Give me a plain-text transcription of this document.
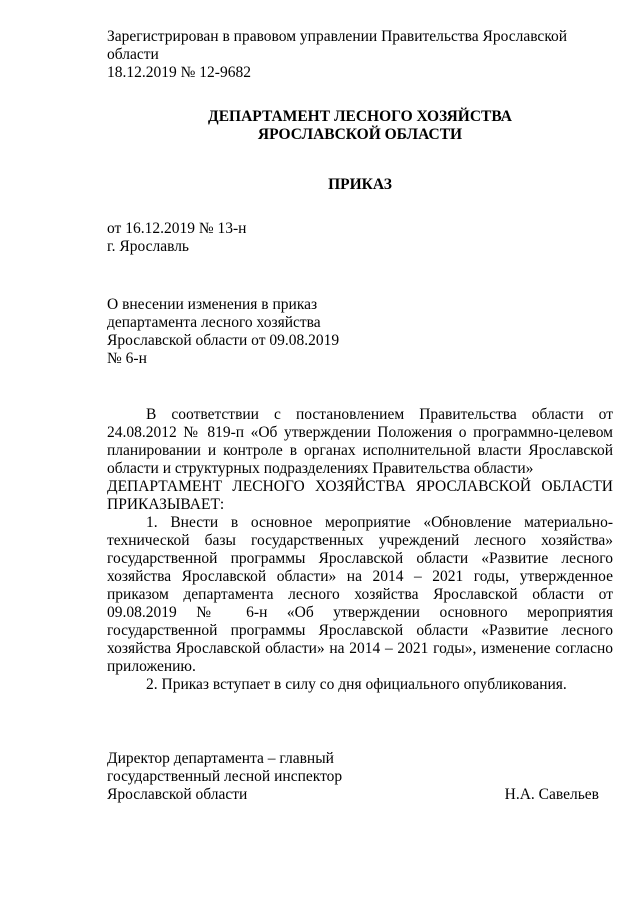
Зарегистрирован в правовом управлении Правительства Ярославской области

18.12.2019 № 12-9682

ДЕПАРТАМЕНТ ЛЕСНОГО ХОЗЯЙСТВА

ЯРОСЛАВСКОЙ ОБЛАСТИ

ПРИКАЗ

от 16.12.2019 № 13-н

г. Ярославль

О внесении изменения в приказ

департамента лесного хозяйства

Ярославской области от 09.08.2019

№ 6-н

В соответствии с постановлением Правительства области от 24.08.2012 № 819-п «Об утверждении Положения о программно-целевом планировании и контроле в органах исполнительной власти Ярославской области и структурных подразделениях Правительства области»

ДЕПАРТАМЕНТ ЛЕСНОГО ХОЗЯЙСТВА ЯРОСЛАВСКОЙ ОБЛАСТИ

ПРИКАЗЫВАЕТ:

1. Внести в основное мероприятие «Обновление материально-технической базы государственных учреждений лесного хозяйства» государственной программы Ярославской области «Развитие лесного хозяйства Ярославской области» на 2014 – 2021 годы, утвержденное приказом департамента лесного хозяйства Ярославской области от 09.08.2019 № 6-н «Об утверждении основного мероприятия государственной программы Ярославской области «Развитие лесного хозяйства Ярославской области» на 2014 – 2021 годы», изменение согласно приложению.

2. Приказ вступает в силу со дня официального опубликования.

Директор департамента – главный

государственный лесной инспектор

Ярославской области	Н.А. Савельев
